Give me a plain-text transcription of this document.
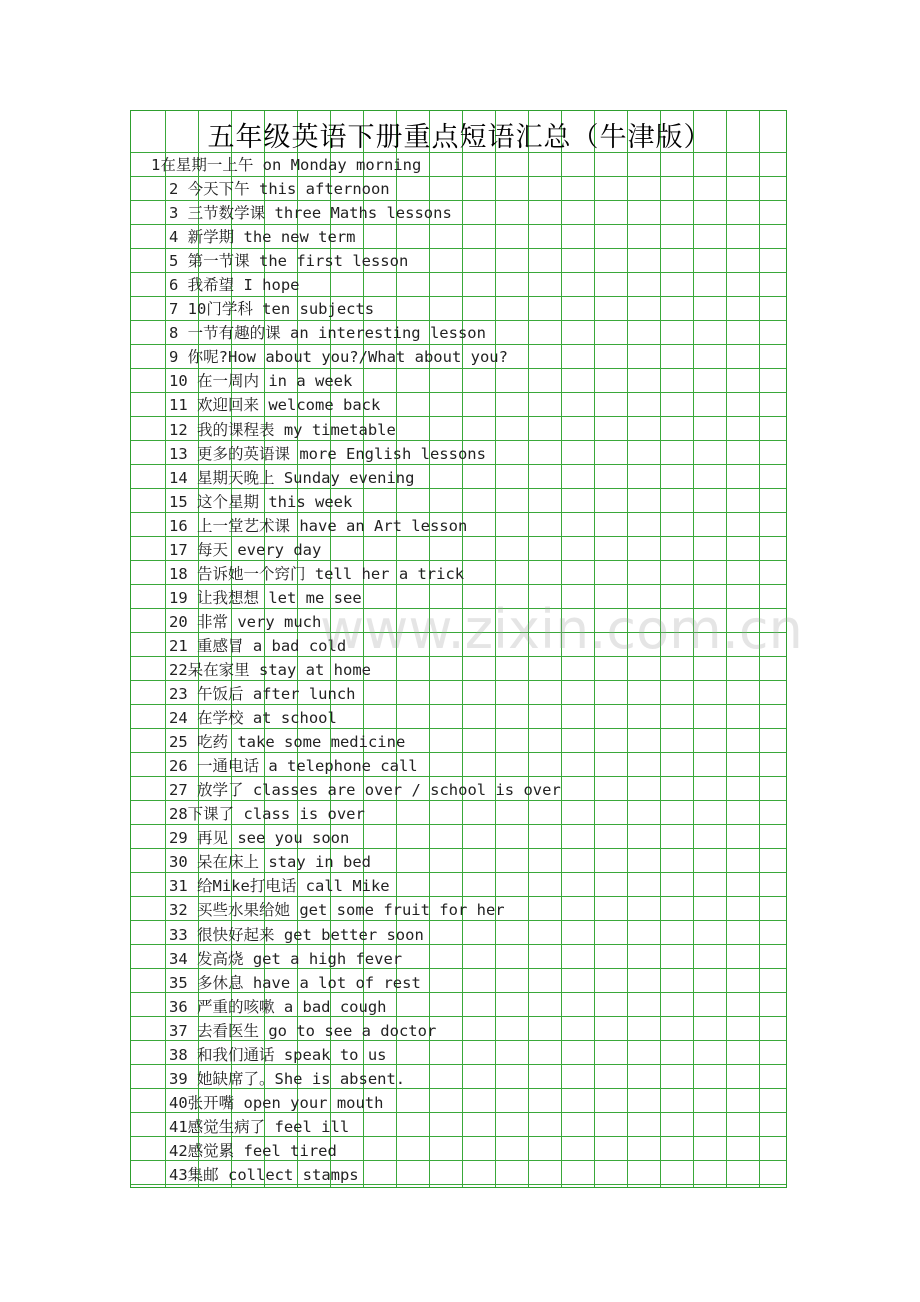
五年级英语下册重点短语汇总（牛津版）
1在星期一上午 on Monday morning
2 今天下午 this afternoon
3 三节数学课 three Maths lessons
4 新学期 the new term
5 第一节课 the first lesson
6 我希望 I hope
7 10门学科 ten subjects
8 一节有趣的课 an interesting lesson
9 你呢?How about you?/What about you?
10 在一周内 in a week
11 欢迎回来 welcome back
12 我的课程表 my timetable
13 更多的英语课 more English lessons
14 星期天晚上 Sunday evening
15 这个星期 this week
16 上一堂艺术课 have an Art lesson
17 每天 every day
18 告诉她一个窍门 tell her a trick
19 让我想想 let me see
20 非常 very much
21 重感冒 a bad cold
22呆在家里 stay at home
23 午饭后 after lunch
24 在学校 at school
25 吃药 take some medicine
26 一通电话 a telephone call
27 放学了 classes are over / school is over
28下课了 class is over
29 再见 see you soon
30 呆在床上 stay in bed
31 给Mike打电话 call Mike
32 买些水果给她 get some fruit for her
33 很快好起来 get better soon
34 发高烧 get a high fever
35 多休息 have a lot of rest
36 严重的咳嗽 a bad cough
37 去看医生 go to see a doctor
38 和我们通话 speak to us
39 她缺席了。She is absent.
40张开嘴 open your mouth
41感觉生病了 feel ill
42感觉累 feel tired
43集邮 collect stamps
www.zixin.com.cn
